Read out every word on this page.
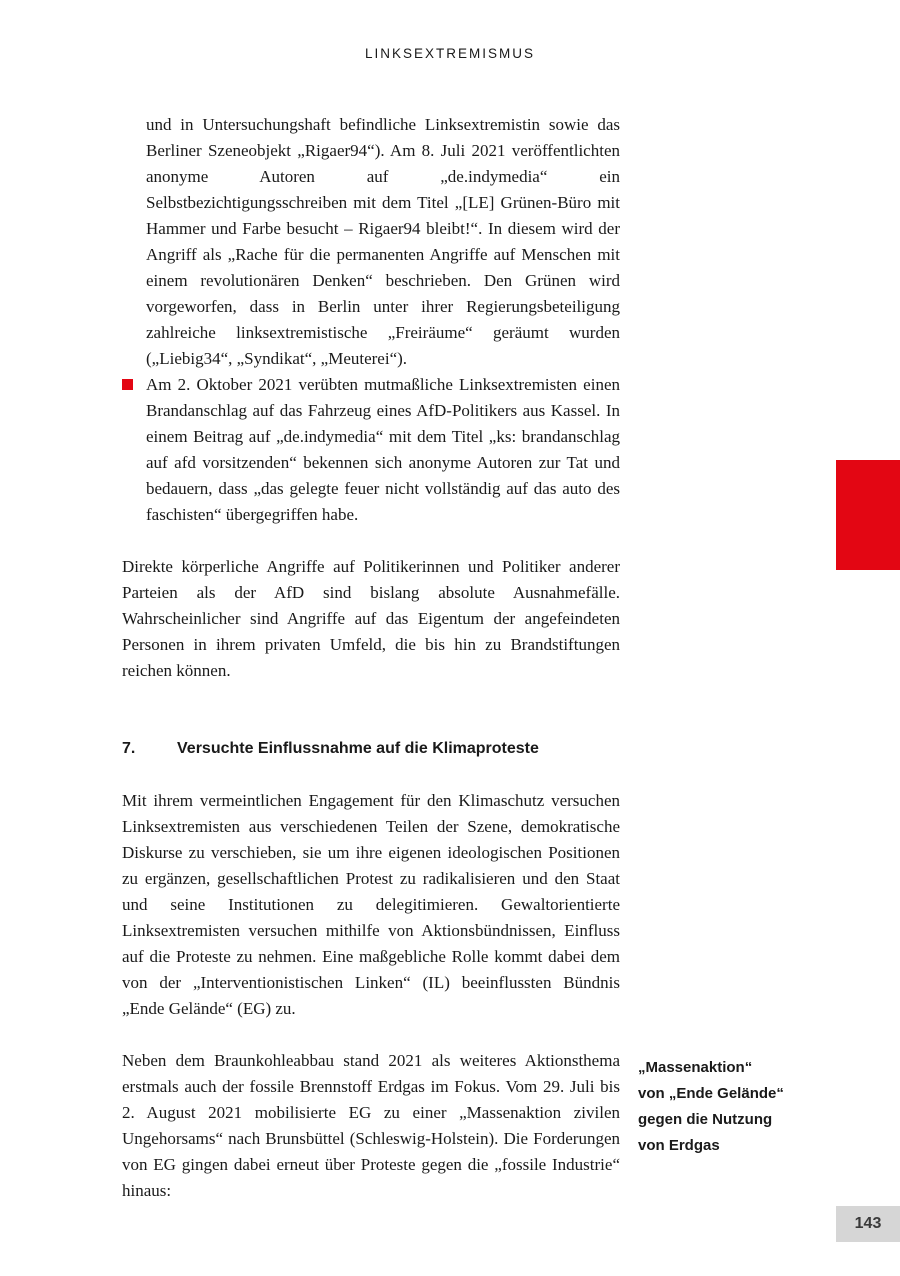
LINKSEXTREMISMUS
und in Untersuchungshaft befindliche Linksextremistin sowie das Berliner Szeneobjekt „Rigaer94“). Am 8. Juli 2021 veröffentlichten anonyme Autoren auf „de.indymedia“ ein Selbstbezichtigungsschreiben mit dem Titel „[LE] Grünen-Büro mit Hammer und Farbe besucht – Rigaer94 bleibt!“. In diesem wird der Angriff als „Rache für die permanenten Angriffe auf Menschen mit einem revolutionären Denken“ beschrieben. Den Grünen wird vorgeworfen, dass in Berlin unter ihrer Regierungsbeteiligung zahlreiche linksextremistische „Freiräume“ geräumt wurden („Liebig34“, „Syndikat“, „Meuterei“).
Am 2. Oktober 2021 verübten mutmaßliche Linksextremisten einen Brandanschlag auf das Fahrzeug eines AfD-Politikers aus Kassel. In einem Beitrag auf „de.indymedia“ mit dem Titel „ks: brandanschlag auf afd vorsitzenden“ bekennen sich anonyme Autoren zur Tat und bedauern, dass „das gelegte feuer nicht vollständig auf das auto des faschisten“ übergegriffen habe.

Direkte körperliche Angriffe auf Politikerinnen und Politiker anderer Parteien als der AfD sind bislang absolute Ausnahmefälle. Wahrscheinlicher sind Angriffe auf das Eigentum der angefeindeten Personen in ihrem privaten Umfeld, die bis hin zu Brandstiftungen reichen können.

7.	Versuchte Einflussnahme auf die Klimaproteste

Mit ihrem vermeintlichen Engagement für den Klimaschutz versuchen Linksextremisten aus verschiedenen Teilen der Szene, demokratische Diskurse zu verschieben, sie um ihre eigenen ideologischen Positionen zu ergänzen, gesellschaftlichen Protest zu radikalisieren und den Staat und seine Institutionen zu delegitimieren. Gewaltorientierte Linksextremisten versuchen mithilfe von Aktionsbündnissen, Einfluss auf die Proteste zu nehmen. Eine maßgebliche Rolle kommt dabei dem von der „Interventionistischen Linken“ (IL) beeinflussten Bündnis „Ende Gelände“ (EG) zu.

Neben dem Braunkohleabbau stand 2021 als weiteres Aktionsthema erstmals auch der fossile Brennstoff Erdgas im Fokus. Vom 29. Juli bis 2. August 2021 mobilisierte EG zu einer „Massenaktion zivilen Ungehorsams“ nach Brunsbüttel (Schleswig-Holstein). Die Forderungen von EG gingen dabei erneut über Proteste gegen die „fossile Industrie“ hinaus:

„Massenaktion“
von „Ende Gelände“
gegen die Nutzung
von Erdgas
143
